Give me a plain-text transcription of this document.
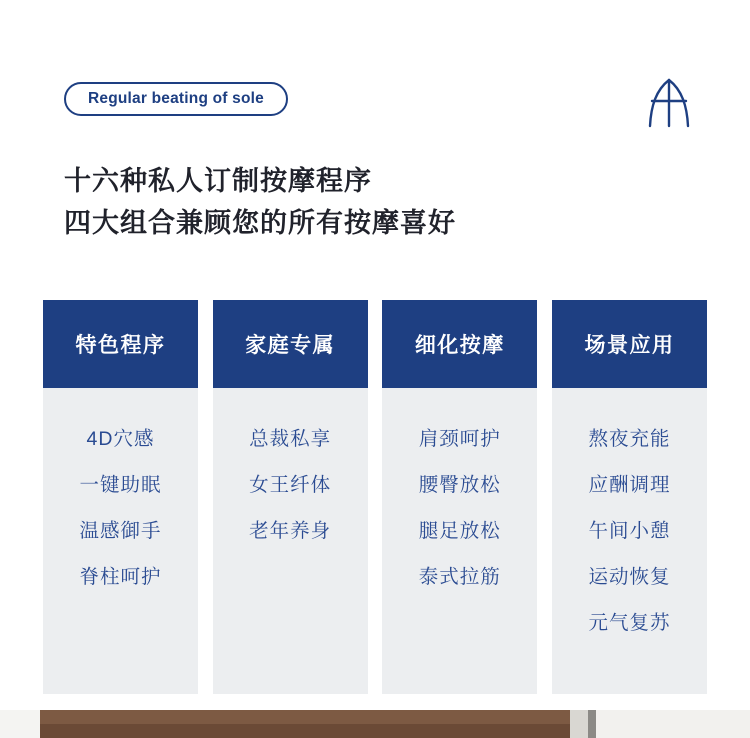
Regular beating of sole
十六种私人订制按摩程序
四大组合兼顾您的所有按摩喜好
特色程序
4D穴感
一键助眠
温感御手
脊柱呵护
家庭专属
总裁私享
女王纤体
老年养身
细化按摩
肩颈呵护
腰臀放松
腿足放松
泰式拉筋
场景应用
熬夜充能
应酬调理
午间小憩
运动恢复
元气复苏
